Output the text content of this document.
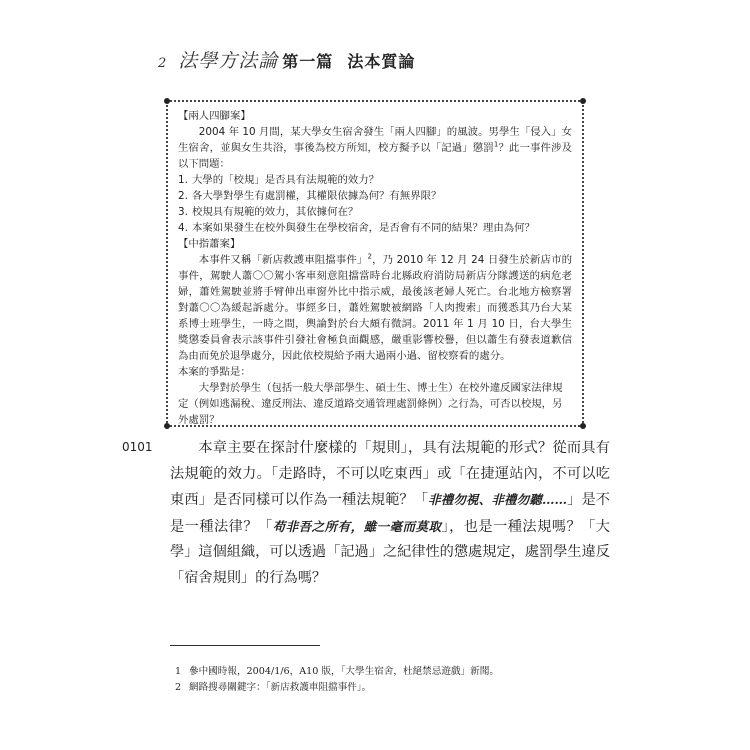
2 法學方法論 第一篇 法本質論

【兩人四腳案】

2004 年 10 月間，某大學女生宿舍發生「兩人四腳」的風波。男學生「侵入」女生宿舍，並與女生共浴，事後為校方所知，校方擬予以「記過」懲罰$^1$？此一事件涉及以下問題：

1. 大學的「校規」是否具有法規範的效力？
2. 各大學對學生有處罰權，其權限依據為何？有無界限？
3. 校規具有規範的效力，其依據何在？
4. 本案如果發生在校外與發生在學校宿舍，是否會有不同的結果？理由為何？

【中指蕭案】

本事件又稱「新店救護車阻擋事件」$^2$，乃 2010 年 12 月 24 日發生於新店市的事件，駕駛人蕭〇〇駕小客車刻意阻擋當時台北縣政府消防局新店分隊護送的病危老婦，蕭姓駕駛並將手臂伸出車窗外比中指示威，最後該老婦人死亡。台北地方檢察署對蕭〇〇為緩起訴處分。事經多日，蕭姓駕駛被網路「人肉搜索」而獲悉其乃台大某系博士班學生，一時之間，輿論對於台大頗有微詞。2011 年 1 月 10 日，台大學生獎懲委員會表示該事件引發社會極負面觀感，嚴重影響校譽，但以蕭生有發表道歉信為由而免於退學處分，因此依校規給予兩大過兩小過、留校察看的處分。

本案的爭點是：

大學對於學生（包括一般大學部學生、碩士生、博士生）在校外違反國家法律規定（例如逃漏稅、違反刑法、違反道路交通管理處罰條例）之行為，可否以校規，另外處罰？

0101	本章主要在探討什麼樣的「規則」，具有法規範的形式？從而具有法規範的效力。「走路時，不可以吃東西」或「在捷運站內，不可以吃東西」是否同樣可以作為一種法規範？「非禮勿視、非禮勿聽……」是不是一種法律？「苟非吾之所有，雖一毫而莫取」，也是一種法規嗎？「大學」這個組織，可以透過「記過」之紀律性的懲處規定，處罰學生違反「宿舍規則」的行為嗎？

1 參中國時報，2004/1/6，A10 版，「大學生宿舍，杜絕禁忌遊戲」新聞。
2 網路搜尋關鍵字：「新店救護車阻擋事件」。
